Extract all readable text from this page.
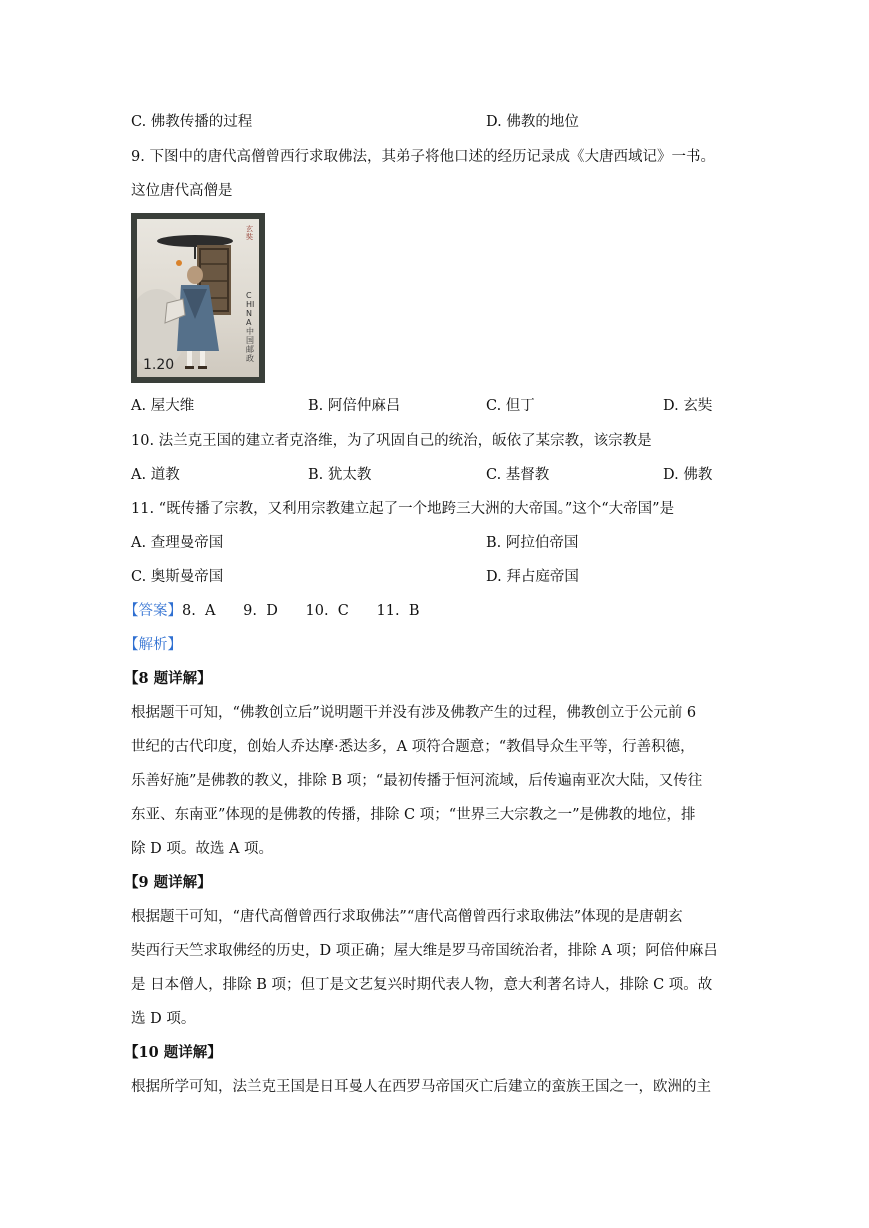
C. 佛教传播的过程	D. 佛教的地位
9. 下图中的唐代高僧曾西行求取佛法，其弟子将他口述的经历记录成《大唐西域记》一书。
这位唐代高僧是
1.20
CHINA 中国邮政
玄奘
A. 屋大维	B. 阿倍仲麻吕	C. 但丁	D. 玄奘
10. 法兰克王国的建立者克洛维，为了巩固自己的统治，皈依了某宗教，该宗教是
A. 道教	B. 犹太教	C. 基督教	D. 佛教
11. “既传播了宗教，又利用宗教建立起了一个地跨三大洲的大帝国。”这个“大帝国”是
A. 查理曼帝国	B. 阿拉伯帝国
C. 奥斯曼帝国	D. 拜占庭帝国
【答案】8.  A      9.  D      10.  C      11.  B
【解析】
【8 题详解】
根据题干可知，“佛教创立后”说明题干并没有涉及佛教产生的过程，佛教创立于公元前 6
世纪的古代印度，创始人乔达摩·悉达多，A 项符合题意；“教倡导众生平等，行善积德，
乐善好施”是佛教的教义，排除 B 项；“最初传播于恒河流域，后传遍南亚次大陆，又传往
东亚、东南亚”体现的是佛教的传播，排除 C 项；“世界三大宗教之一”是佛教的地位，排
除 D 项。故选 A 项。
【9 题详解】
根据题干可知，“唐代高僧曾西行求取佛法”“唐代高僧曾西行求取佛法”体现的是唐朝玄
奘西行天竺求取佛经的历史，D 项正确；屋大维是罗马帝国统治者，排除 A 项；阿倍仲麻吕
是 日本僧人，排除 B 项；但丁是文艺复兴时期代表人物，意大利著名诗人，排除 C 项。故
选 D 项。
【10 题详解】
根据所学可知，法兰克王国是日耳曼人在西罗马帝国灭亡后建立的蛮族王国之一，欧洲的主
